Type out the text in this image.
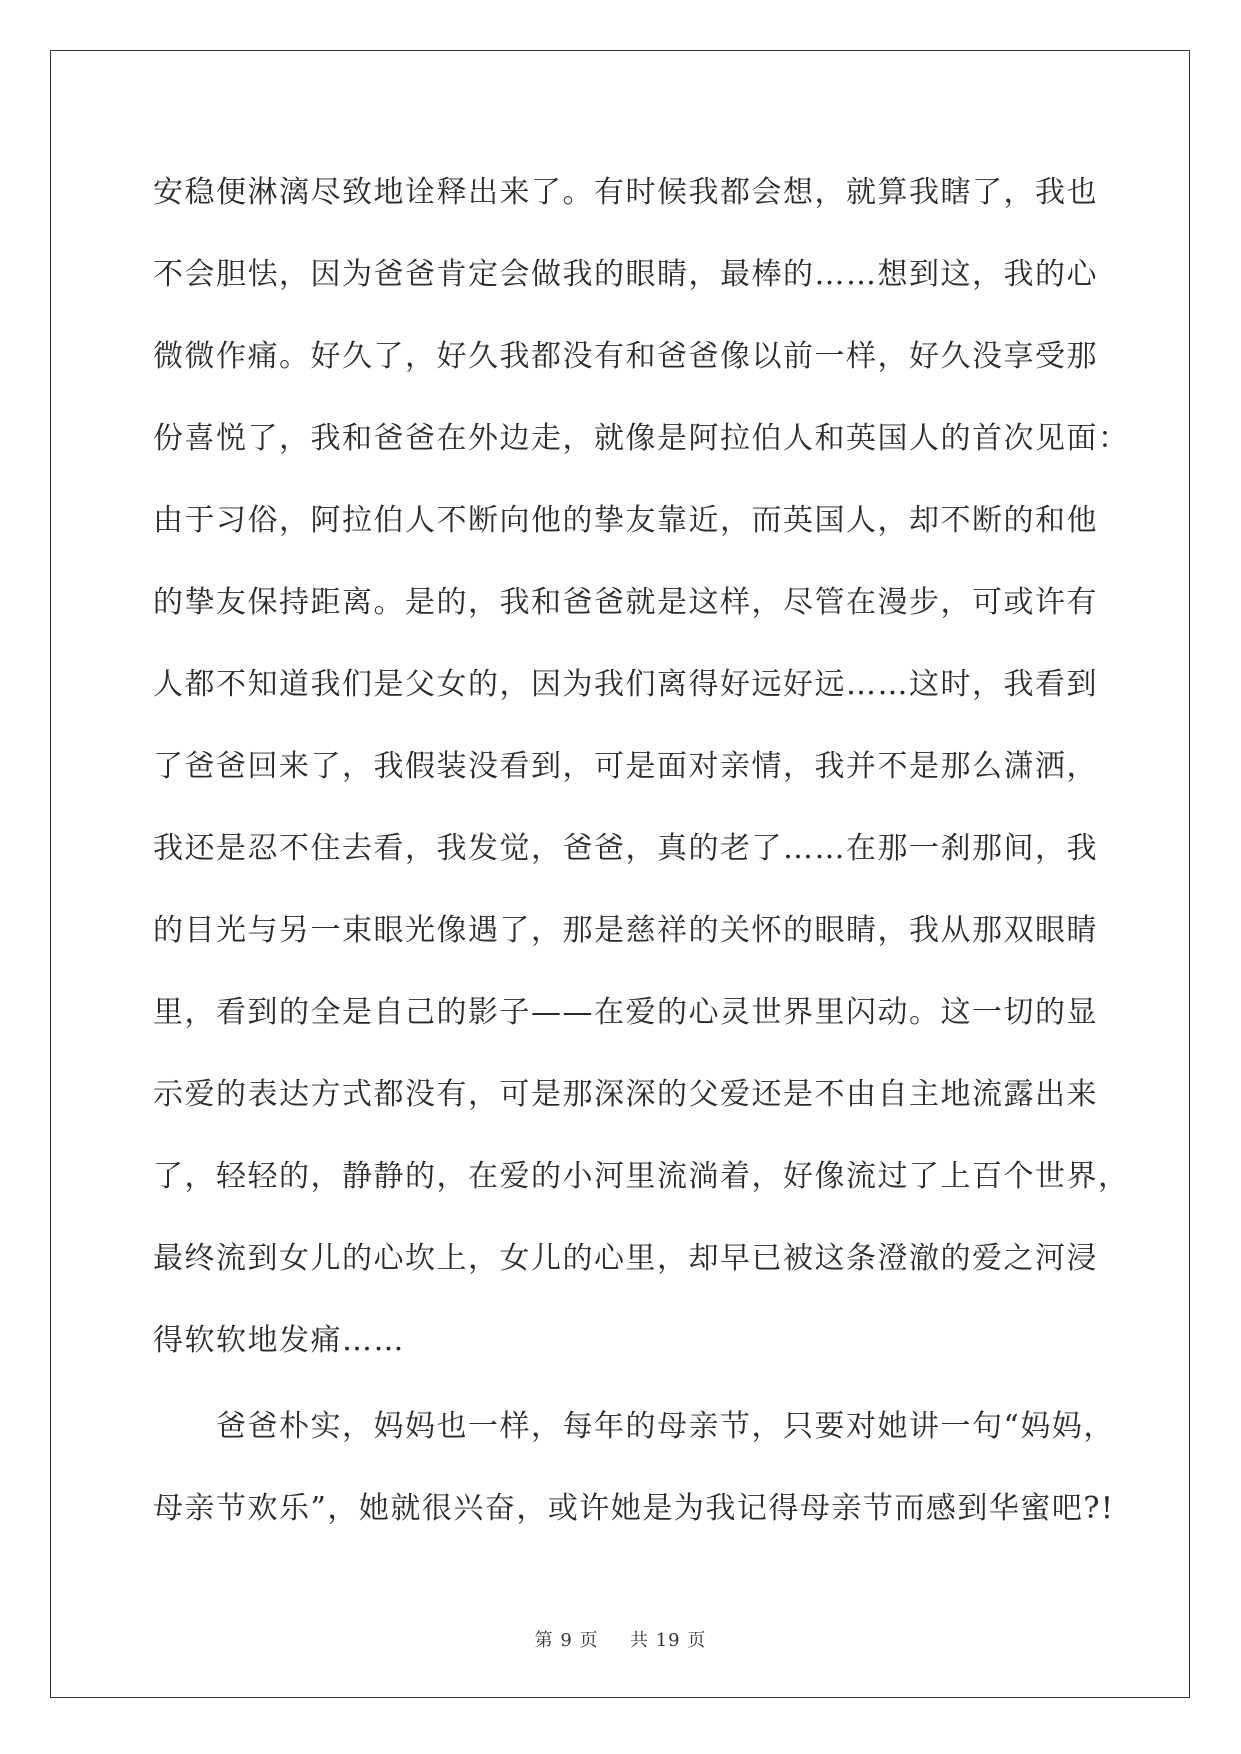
安稳便淋漓尽致地诠释出来了。有时候我都会想，就算我瞎了，我也
不会胆怯，因为爸爸肯定会做我的眼睛，最棒的……想到这，我的心
微微作痛。好久了，好久我都没有和爸爸像以前一样，好久没享受那
份喜悦了，我和爸爸在外边走，就像是阿拉伯人和英国人的首次见面：
由于习俗，阿拉伯人不断向他的挚友靠近，而英国人，却不断的和他
的挚友保持距离。是的，我和爸爸就是这样，尽管在漫步，可或许有
人都不知道我们是父女的，因为我们离得好远好远……这时，我看到
了爸爸回来了，我假装没看到，可是面对亲情，我并不是那么潇洒，
我还是忍不住去看，我发觉，爸爸，真的老了……在那一刹那间，我
的目光与另一束眼光像遇了，那是慈祥的关怀的眼睛，我从那双眼睛
里，看到的全是自己的影子——在爱的心灵世界里闪动。这一切的显
示爱的表达方式都没有，可是那深深的父爱还是不由自主地流露出来
了，轻轻的，静静的，在爱的小河里流淌着，好像流过了上百个世界，
最终流到女儿的心坎上，女儿的心里，却早已被这条澄澈的爱之河浸
得软软地发痛……
爸爸朴实，妈妈也一样，每年的母亲节，只要对她讲一句“妈妈，
母亲节欢乐”，她就很兴奋，或许她是为我记得母亲节而感到华蜜吧?!
第 9 页 共 19 页
